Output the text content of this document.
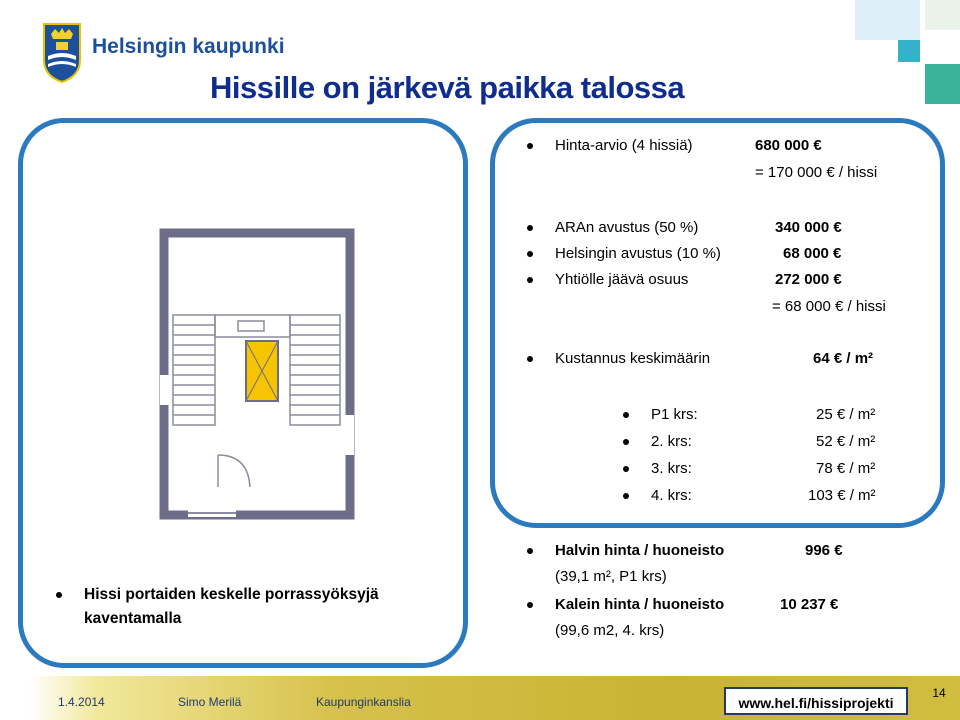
Helsingin kaupunki
Hissille on järkevä paikka talossa
Hissi portaiden keskelle porrassyöksyjä
kaventamalla
Hinta-arvio (4 hissiä)	680 000 €
= 170 000 € / hissi
ARAn avustus (50 %)	340 000 €
Helsingin avustus (10 %)	68 000 €
Yhtiölle jäävä osuus	272 000 €
= 68 000 € / hissi
Kustannus keskimäärin	64 € / m²
P1 krs:	25 € / m²
2. krs:	52 € / m²
3. krs:	78 € / m²
4. krs:	103 € / m²
Halvin hinta / huoneisto	996 €
(39,1 m², P1 krs)
Kalein hinta / huoneisto	10 237 €
(99,6 m2, 4. krs)
1.4.2014	Simo Merilä	Kaupunginkanslia	www.hel.fi/hissiprojekti
14
